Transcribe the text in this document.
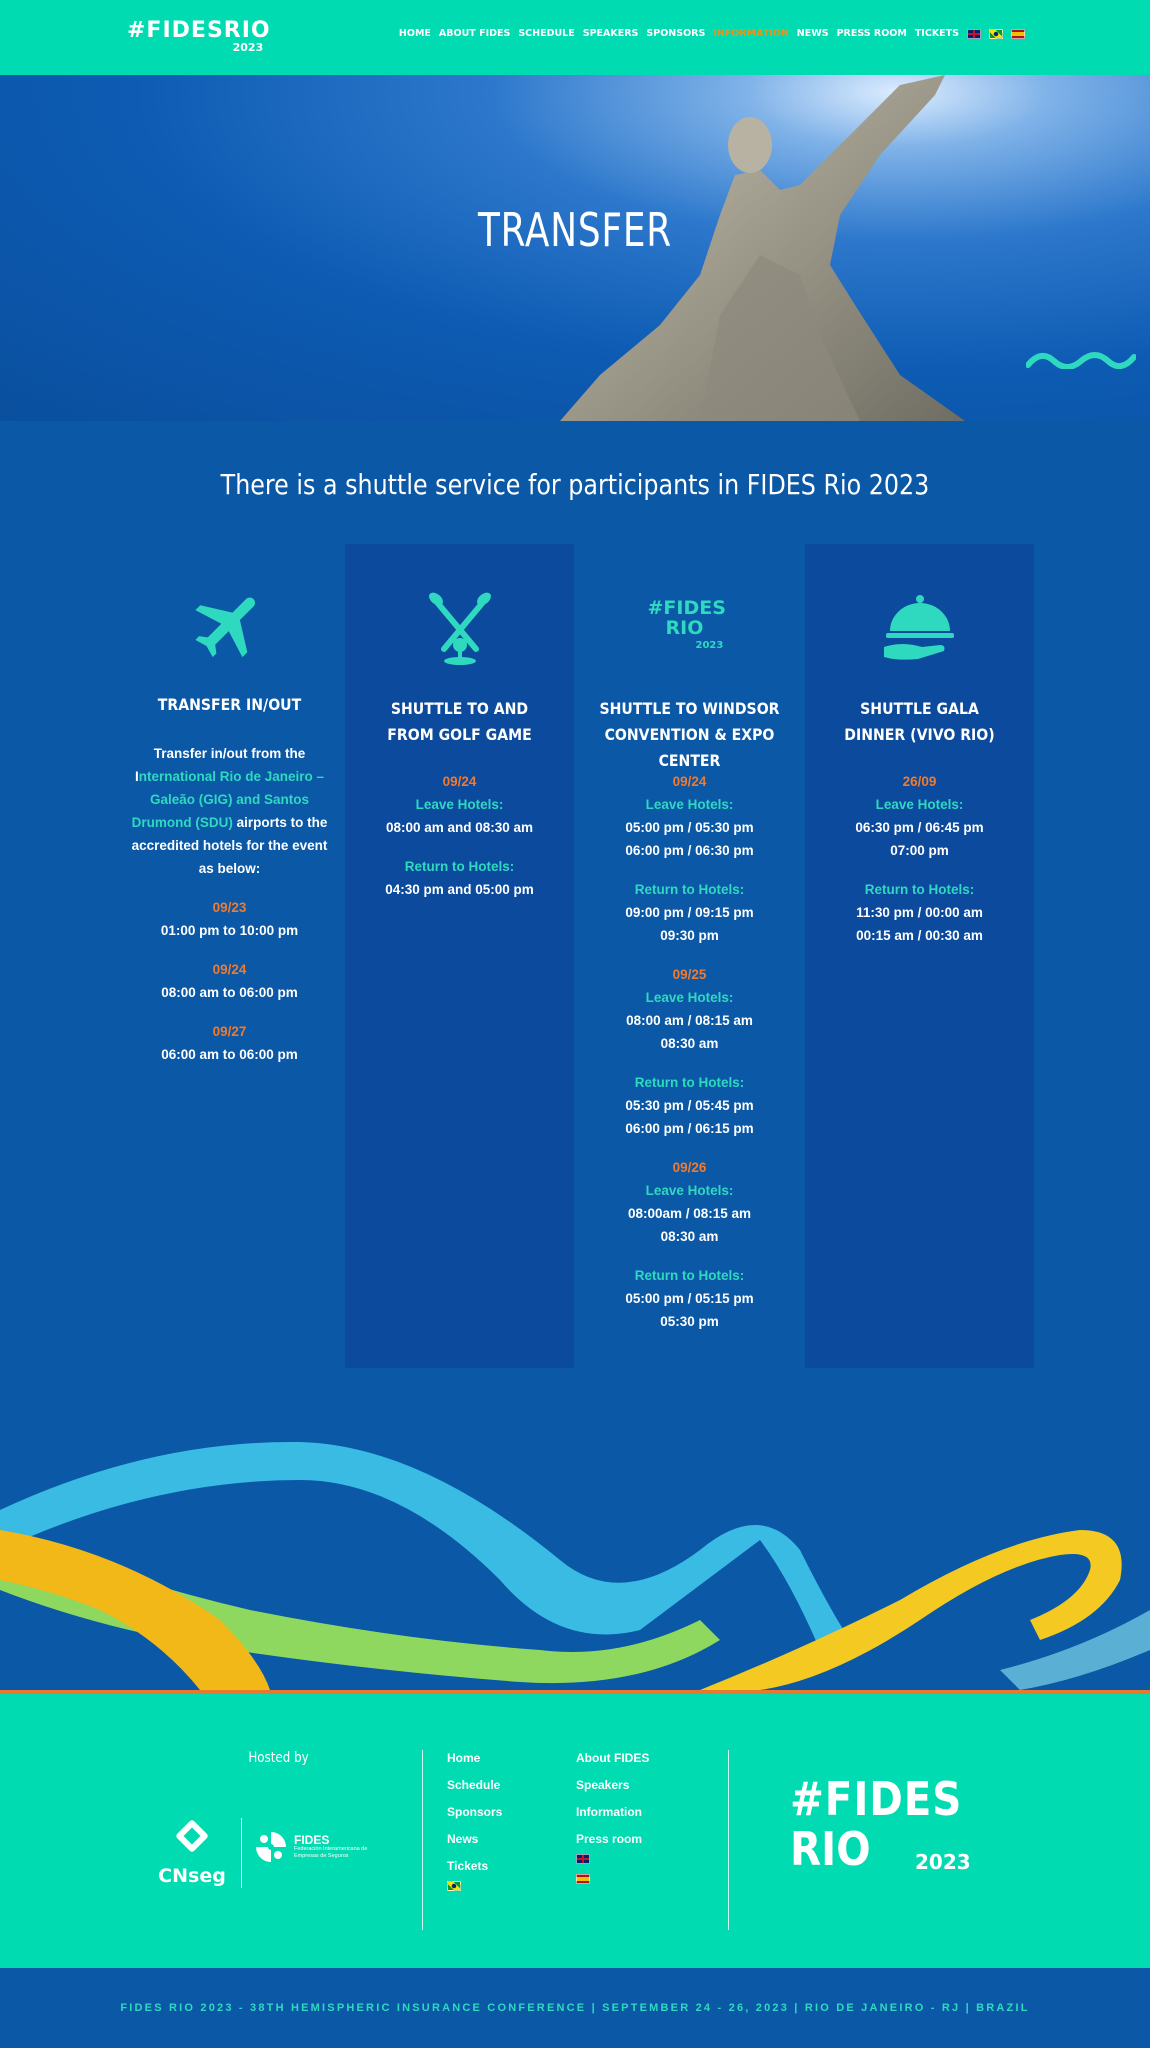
#FIDESRIO
2023
HOME ABOUT FIDES SCHEDULE SPEAKERS SPONSORS INFORMATION NEWS PRESS ROOM TICKETS
TRANSFER
There is a shuttle service for participants in FIDES Rio 2023
TRANSFER IN/OUT
Transfer in/out from the International Rio de Janeiro – Galeão (GIG) and Santos Drumond (SDU) airports to the accredited hotels for the event as below:
09/23
01:00 pm to 10:00 pm
09/24
08:00 am to 06:00 pm
09/27
06:00 am to 06:00 pm
SHUTTLE TO AND FROM GOLF GAME
09/24
Leave Hotels:
08:00 am and 08:30 am
Return to Hotels:
04:30 pm and 05:00 pm
#FIDES
RIO
2023
SHUTTLE TO WINDSOR CONVENTION & EXPO CENTER
09/24
Leave Hotels:
05:00 pm / 05:30 pm
06:00 pm / 06:30 pm
Return to Hotels:
09:00 pm / 09:15 pm
09:30 pm
09/25
Leave Hotels:
08:00 am / 08:15 am
08:30 am
Return to Hotels:
05:30 pm / 05:45 pm
06:00 pm / 06:15 pm
09/26
Leave Hotels:
08:00am / 08:15 am
08:30 am
Return to Hotels:
05:00 pm / 05:15 pm
05:30 pm
SHUTTLE GALA DINNER (VIVO RIO)
26/09
Leave Hotels:
06:30 pm / 06:45 pm
07:00 pm
Return to Hotels:
11:30 pm / 00:00 am
00:15 am / 00:30 am
Hosted by
CNseg
FIDES
Federación Interamericana de Empresas de Seguros
Home
Schedule
Sponsors
News
Tickets
About FIDES
Speakers
Information
Press room
#FIDES
RIO	2023
FIDES RIO 2023 - 38TH HEMISPHERIC INSURANCE CONFERENCE | SEPTEMBER 24 - 26, 2023 | RIO DE JANEIRO - RJ | BRAZIL
